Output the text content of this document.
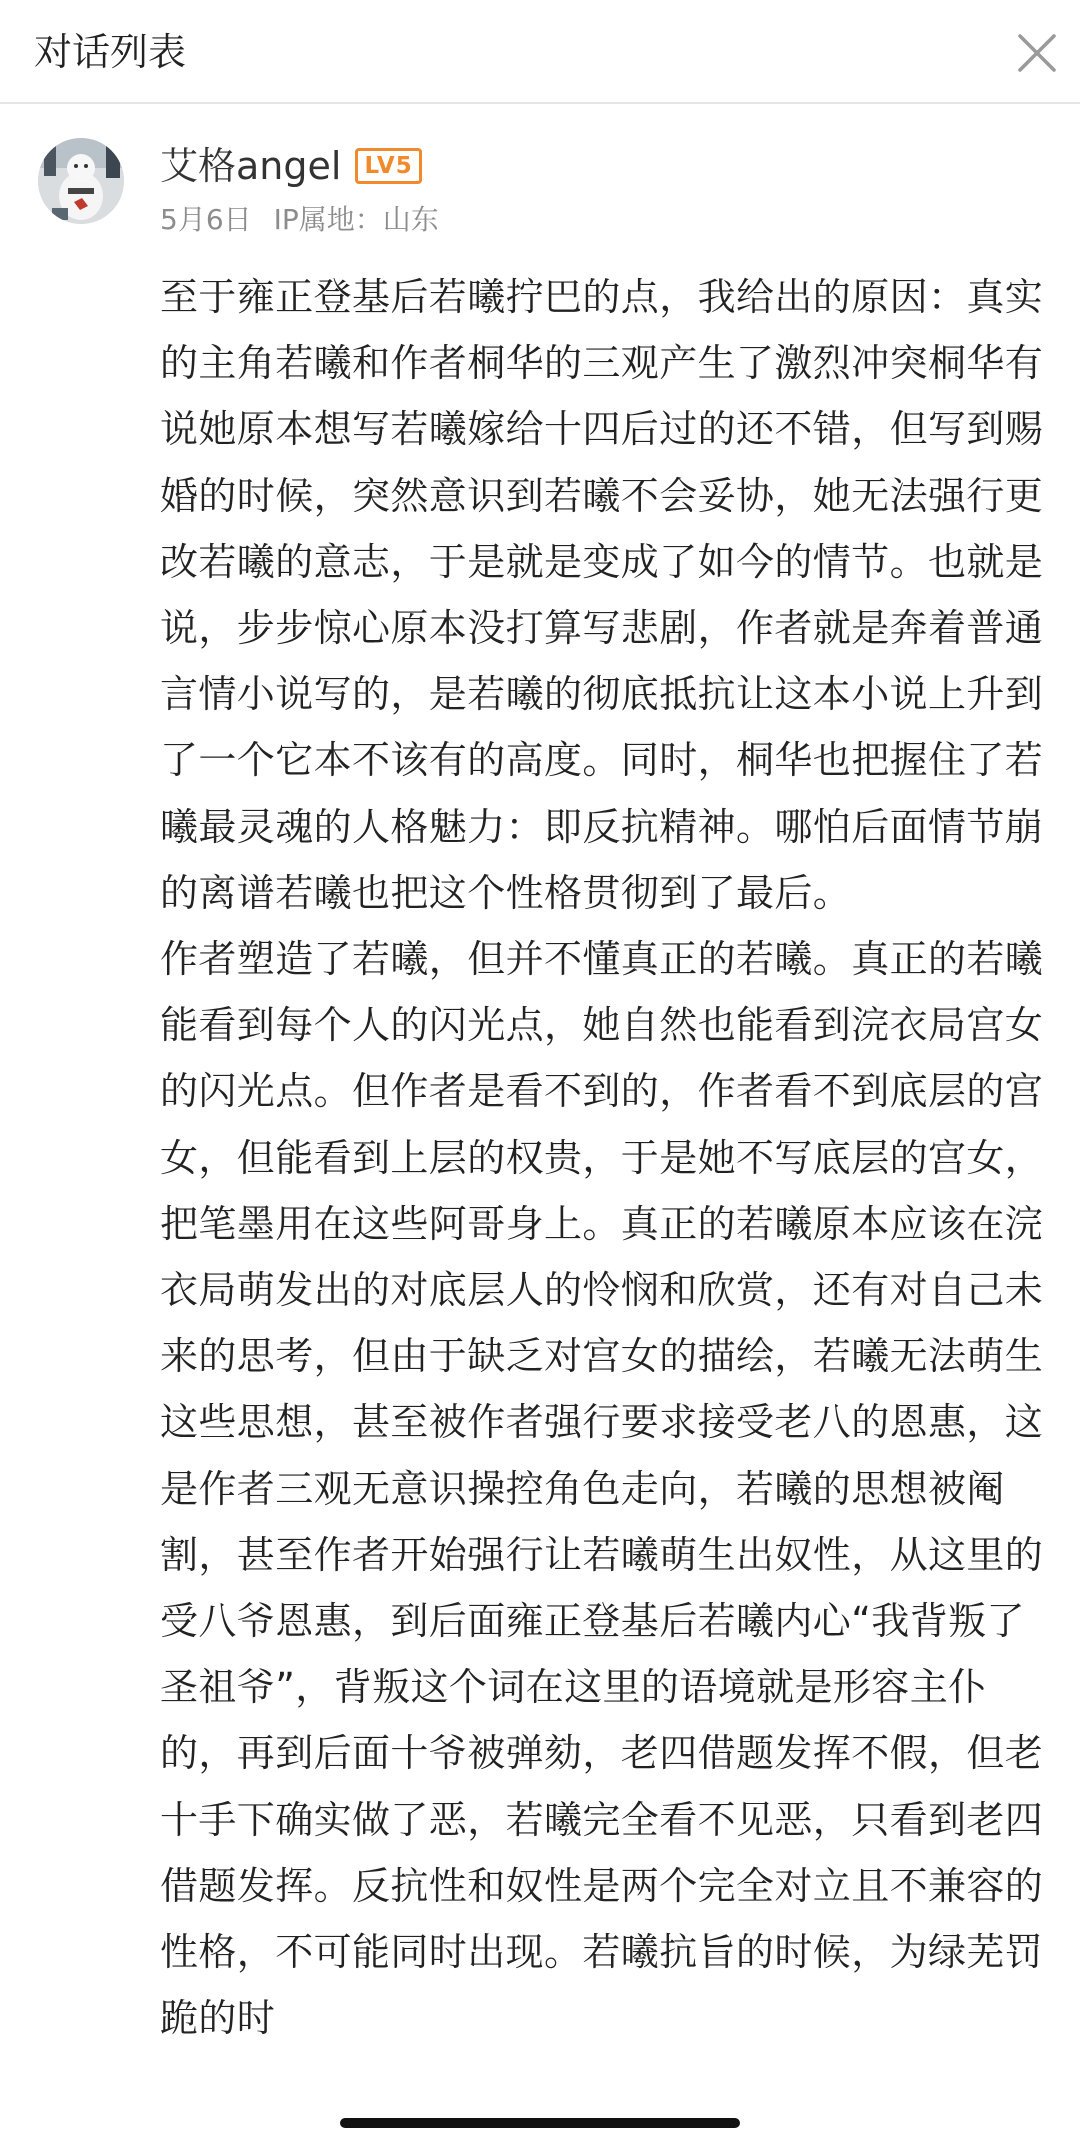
对话列表
艾格angel	LV5
5月6日 IP属地：山东

至于雍正登基后若曦拧巴的点，我给出的原因：真实的主角若曦和作者桐华的三观产生了激烈冲突桐华有说她原本想写若曦嫁给十四后过的还不错，但写到赐婚的时候，突然意识到若曦不会妥协，她无法强行更改若曦的意志，于是就是变成了如今的情节。也就是说，步步惊心原本没打算写悲剧，作者就是奔着普通言情小说写的，是若曦的彻底抵抗让这本小说上升到了一个它本不该有的高度。同时，桐华也把握住了若曦最灵魂的人格魅力：即反抗精神。哪怕后面情节崩的离谱若曦也把这个性格贯彻到了最后。

作者塑造了若曦，但并不懂真正的若曦。真正的若曦能看到每个人的闪光点，她自然也能看到浣衣局宫女的闪光点。但作者是看不到的，作者看不到底层的宫女，但能看到上层的权贵，于是她不写底层的宫女，把笔墨用在这些阿哥身上。真正的若曦原本应该在浣衣局萌发出的对底层人的怜悯和欣赏，还有对自己未来的思考，但由于缺乏对宫女的描绘，若曦无法萌生这些思想，甚至被作者强行要求接受老八的恩惠，这是作者三观无意识操控角色走向，若曦的思想被阉割，甚至作者开始强行让若曦萌生出奴性，从这里的受八爷恩惠，到后面雍正登基后若曦内心“我背叛了圣祖爷”，背叛这个词在这里的语境就是形容主仆的，再到后面十爷被弹劾，老四借题发挥不假，但老十手下确实做了恶，若曦完全看不见恶，只看到老四借题发挥。反抗性和奴性是两个完全对立且不兼容的性格，不可能同时出现。若曦抗旨的时候，为绿芜罚跪的时
